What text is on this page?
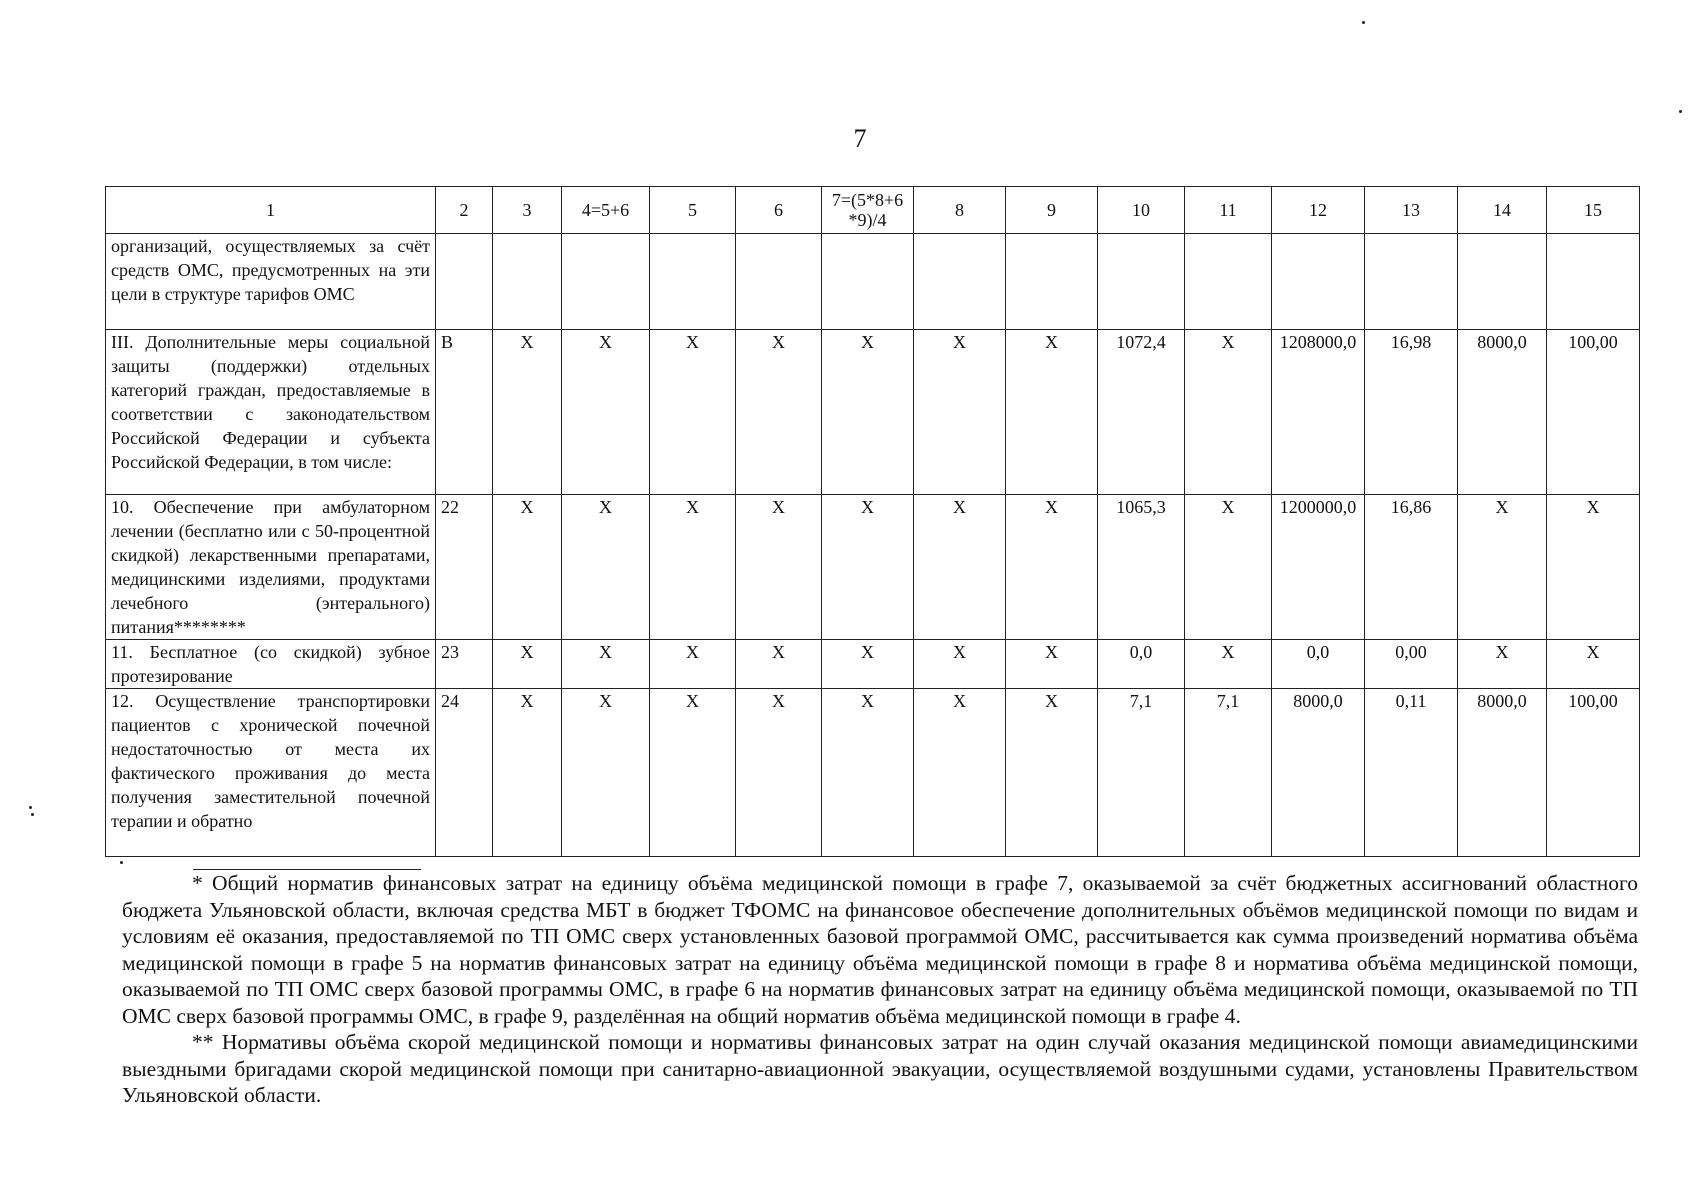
7
1	2	3	4=5+6	5	6	7=(5*8+6 *9)/4	8	9	10	11	12	13	14	15
организаций, осуществляемых за счёт средств ОМС, предусмотренных на эти цели в структуре тарифов ОМС														
III. Дополнительные меры социальной защиты (поддержки) отдельных категорий граждан, предоставляемые в соответствии с законодательством Российской Федерации и субъекта Российской Федерации, в том числе:	В	Х	Х	Х	Х	Х	Х	Х	1072,4	Х	1208000,0	16,98	8000,0	100,00
10. Обеспечение при амбулаторном лечении (бесплатно или с 50-процентной скидкой) лекарственными препаратами, медицинскими изделиями, продуктами лечебного (энтерального) питания********	22	Х	Х	Х	Х	Х	Х	Х	1065,3	Х	1200000,0	16,86	Х	Х
11. Бесплатное (со скидкой) зубное протезирование	23	Х	Х	Х	Х	Х	Х	Х	0,0	Х	0,0	0,00	Х	Х
12. Осуществление транспортировки пациентов с хронической почечной недостаточностью от места их фактического проживания до места получения заместительной почечной терапии и обратно	24	Х	Х	Х	Х	Х	Х	Х	7,1	7,1	8000,0	0,11	8000,0	100,00

* Общий норматив финансовых затрат на единицу объёма медицинской помощи в графе 7, оказываемой за счёт бюджетных ассигнований областного бюджета Ульяновской области, включая средства МБТ в бюджет ТФОМС на финансовое обеспечение дополнительных объёмов медицинской помощи по видам и условиям её оказания, предоставляемой по ТП ОМС сверх установленных базовой программой ОМС, рассчитывается как сумма произведений норматива объёма медицинской помощи в графе 5 на норматив финансовых затрат на единицу объёма медицинской помощи в графе 8 и норматива объёма медицинской помощи, оказываемой по ТП ОМС сверх базовой программы ОМС, в графе 6 на норматив финансовых затрат на единицу объёма медицинской помощи, оказываемой по ТП ОМС сверх базовой программы ОМС, в графе 9, разделённая на общий норматив объёма медицинской помощи в графе 4.

** Нормативы объёма скорой медицинской помощи и нормативы финансовых затрат на один случай оказания медицинской помощи авиамедицинскими выездными бригадами скорой медицинской помощи при санитарно-авиационной эвакуации, осуществляемой воздушными судами, установлены Правительством Ульяновской области.
